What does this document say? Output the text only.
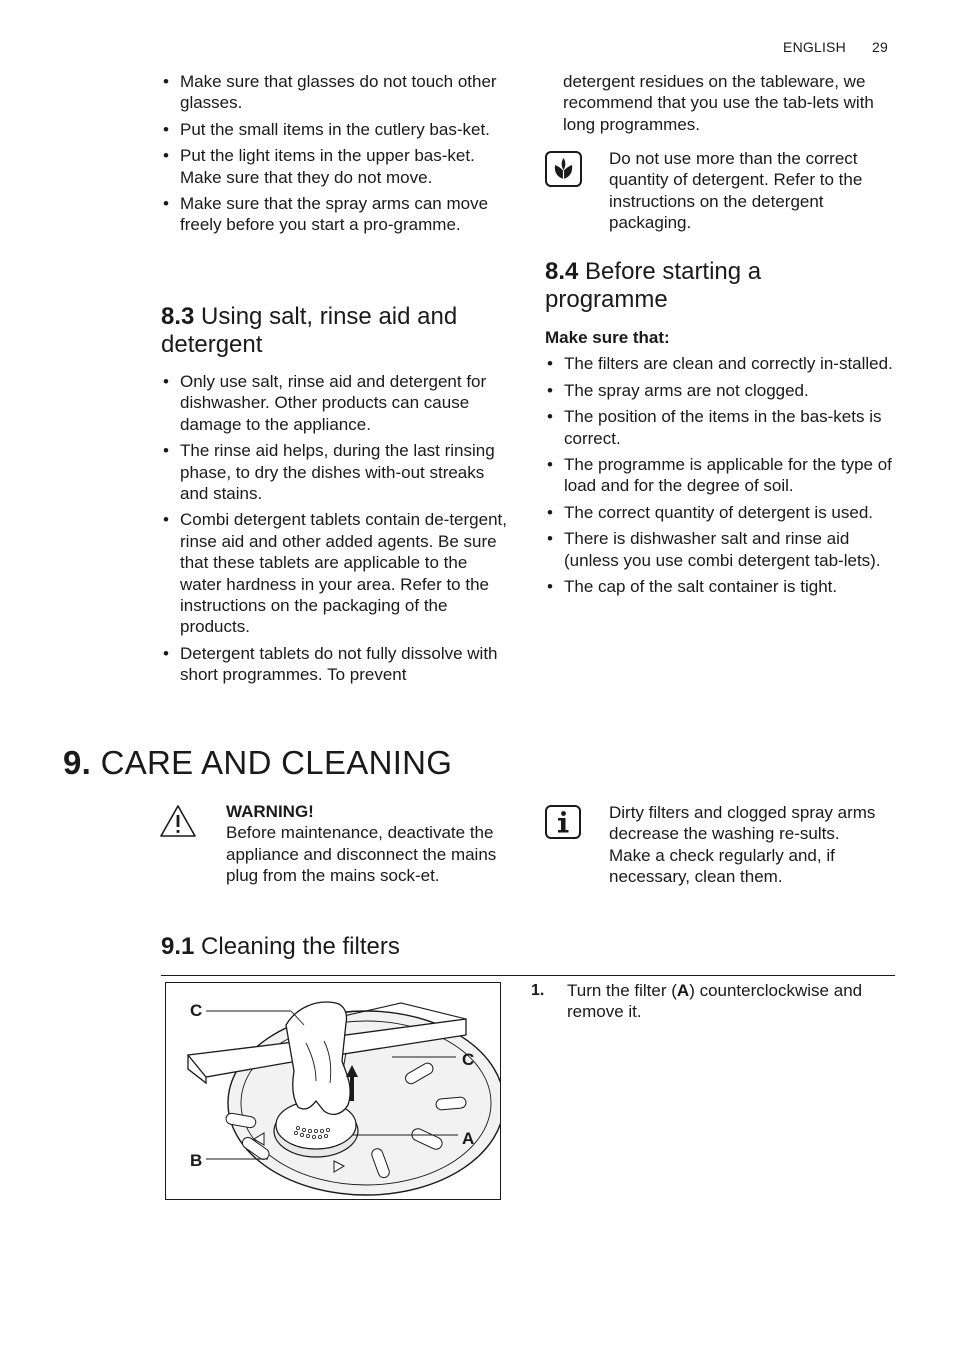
ENGLISH 29
• Make sure that glasses do not touch other glasses.
• Put the small items in the cutlery bas-ket.
• Put the light items in the upper bas-ket. Make sure that they do not move.
• Make sure that the spray arms can move freely before you start a pro-gramme.
8.3 Using salt, rinse aid and detergent
• Only use salt, rinse aid and detergent for dishwasher. Other products can cause damage to the appliance.
• The rinse aid helps, during the last rinsing phase, to dry the dishes with-out streaks and stains.
• Combi detergent tablets contain de-tergent, rinse aid and other added agents. Be sure that these tablets are applicable to the water hardness in your area. Refer to the instructions on the packaging of the products.
• Detergent tablets do not fully dissolve with short programmes. To prevent
detergent residues on the tableware, we recommend that you use the tab-lets with long programmes.
Do not use more than the correct quantity of detergent. Refer to the instructions on the detergent packaging.
8.4 Before starting a programme
Make sure that:
• The filters are clean and correctly in-stalled.
• The spray arms are not clogged.
• The position of the items in the bas-kets is correct.
• The programme is applicable for the type of load and for the degree of soil.
• The correct quantity of detergent is used.
• There is dishwasher salt and rinse aid (unless you use combi detergent tab-lets).
• The cap of the salt container is tight.
9. CARE AND CLEANING
WARNING!
Before maintenance, deactivate the appliance and disconnect the mains plug from the mains sock-et.
Dirty filters and clogged spray arms decrease the washing re-sults.
Make a check regularly and, if necessary, clean them.
9.1 Cleaning the filters
C
C
A
B
1.	Turn the filter (A) counterclockwise and remove it.
